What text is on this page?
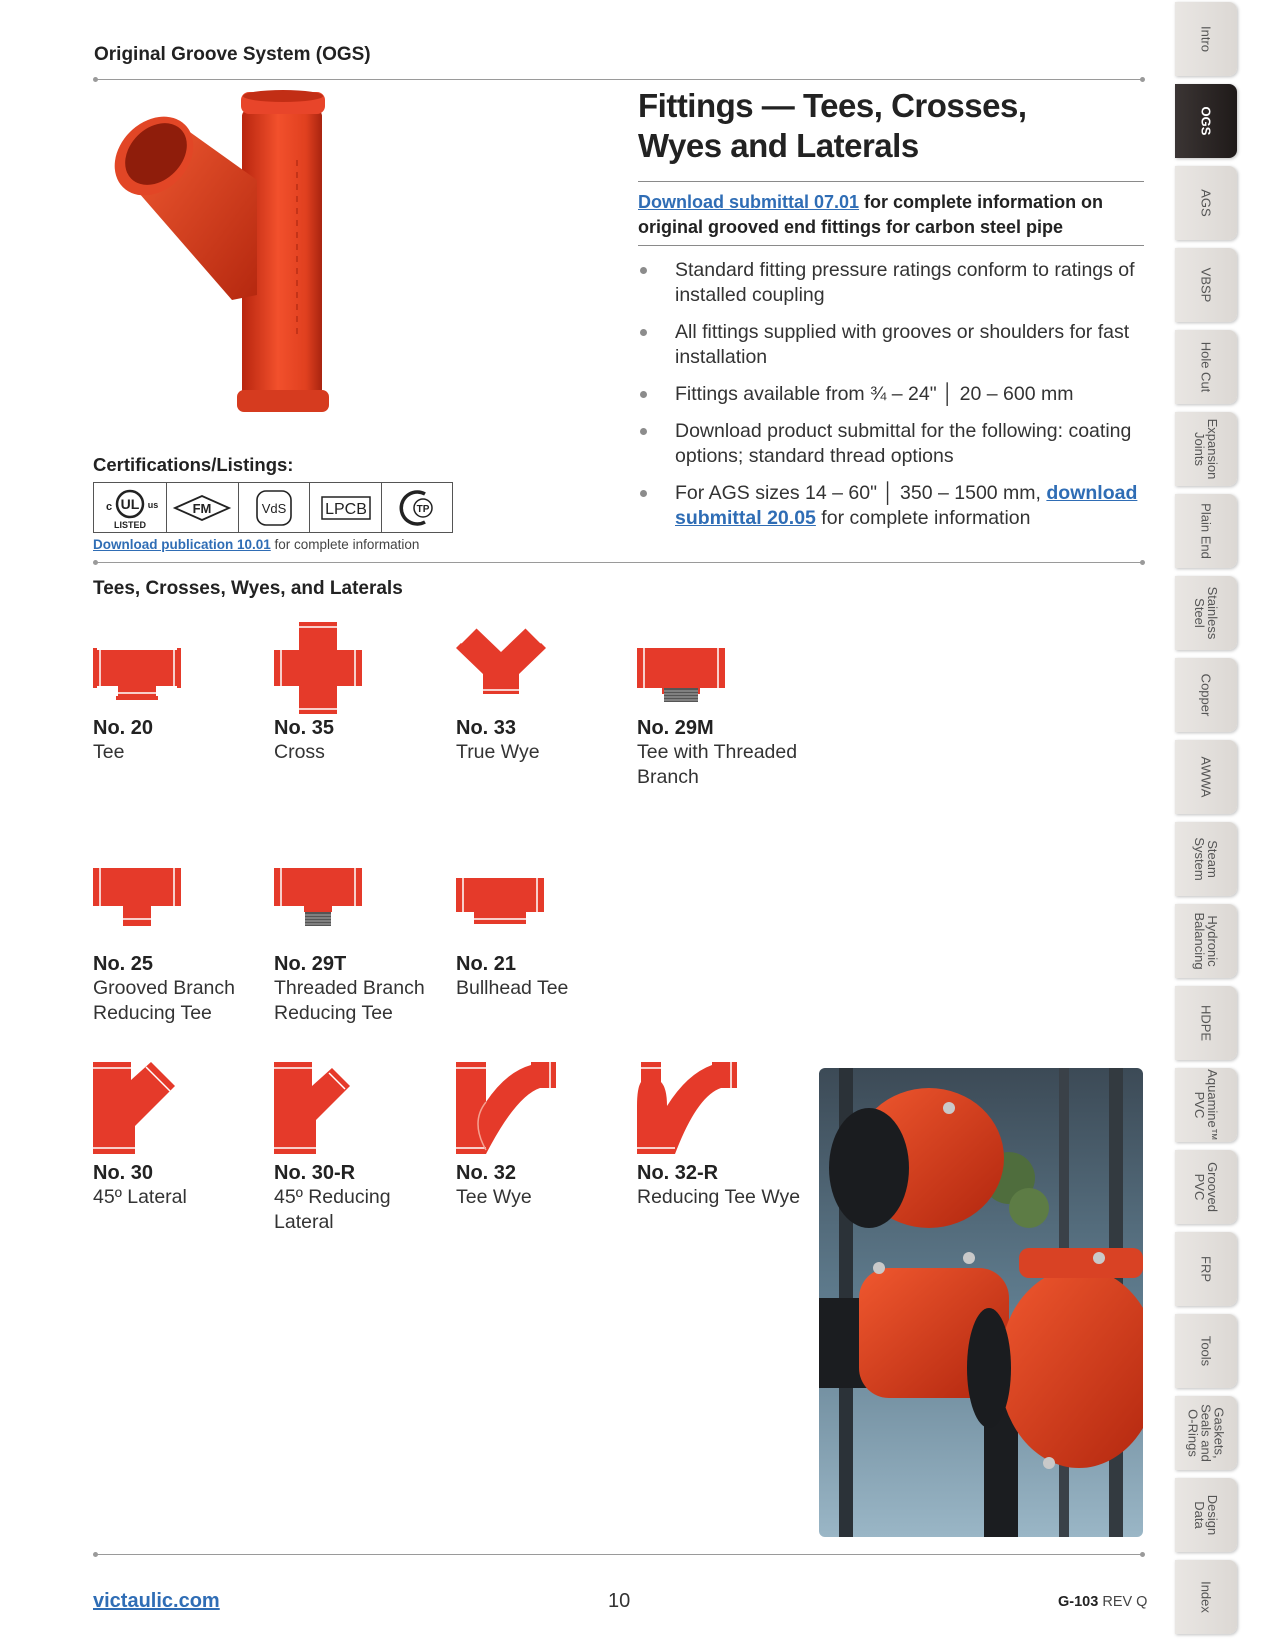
Original Groove System (OGS)
Fittings — Tees, Crosses,
Wyes and Laterals
Download submittal 07.01 for complete information on original grooved end fittings for carbon steel pipe
Standard fitting pressure ratings conform to ratings of installed coupling
All fittings supplied with grooves or shoulders for fast installation
Fittings available from ¾ – 24" │ 20 – 600 mm
Download product submittal for the following: coating options; standard thread options
For AGS sizes 14 – 60" │ 350 – 1500 mm, download submittal 20.05 for complete information
Certifications/Listings:
UL
c	us
LISTED
FM	VdS LPCB	TP
Download publication 10.01 for complete information
Tees, Crosses, Wyes, and Laterals
No. 20
Tee
No. 35
Cross
No. 33
True Wye
No. 29M
Tee with Threaded Branch
No. 25
Grooved Branch Reducing Tee
No. 29T
Threaded Branch Reducing Tee
No. 21
Bullhead Tee
No. 30
45º Lateral
No. 30-R
45º Reducing Lateral
No. 32
Tee Wye
No. 32-R
Reducing Tee Wye
victaulic.com	10	G-103 REV Q
Intro
OGS
AGS
VBSP
Hole Cut
Expansion
Joints
Plain End
Stainless
Steel
Copper
AWWA
Steam
System
Hydronic
Balancing
HDPE
Aquamine™
PVC
Grooved
PVC
FRP
Tools
Gaskets,
Seals and
O-Rings
Design
Data
Index
